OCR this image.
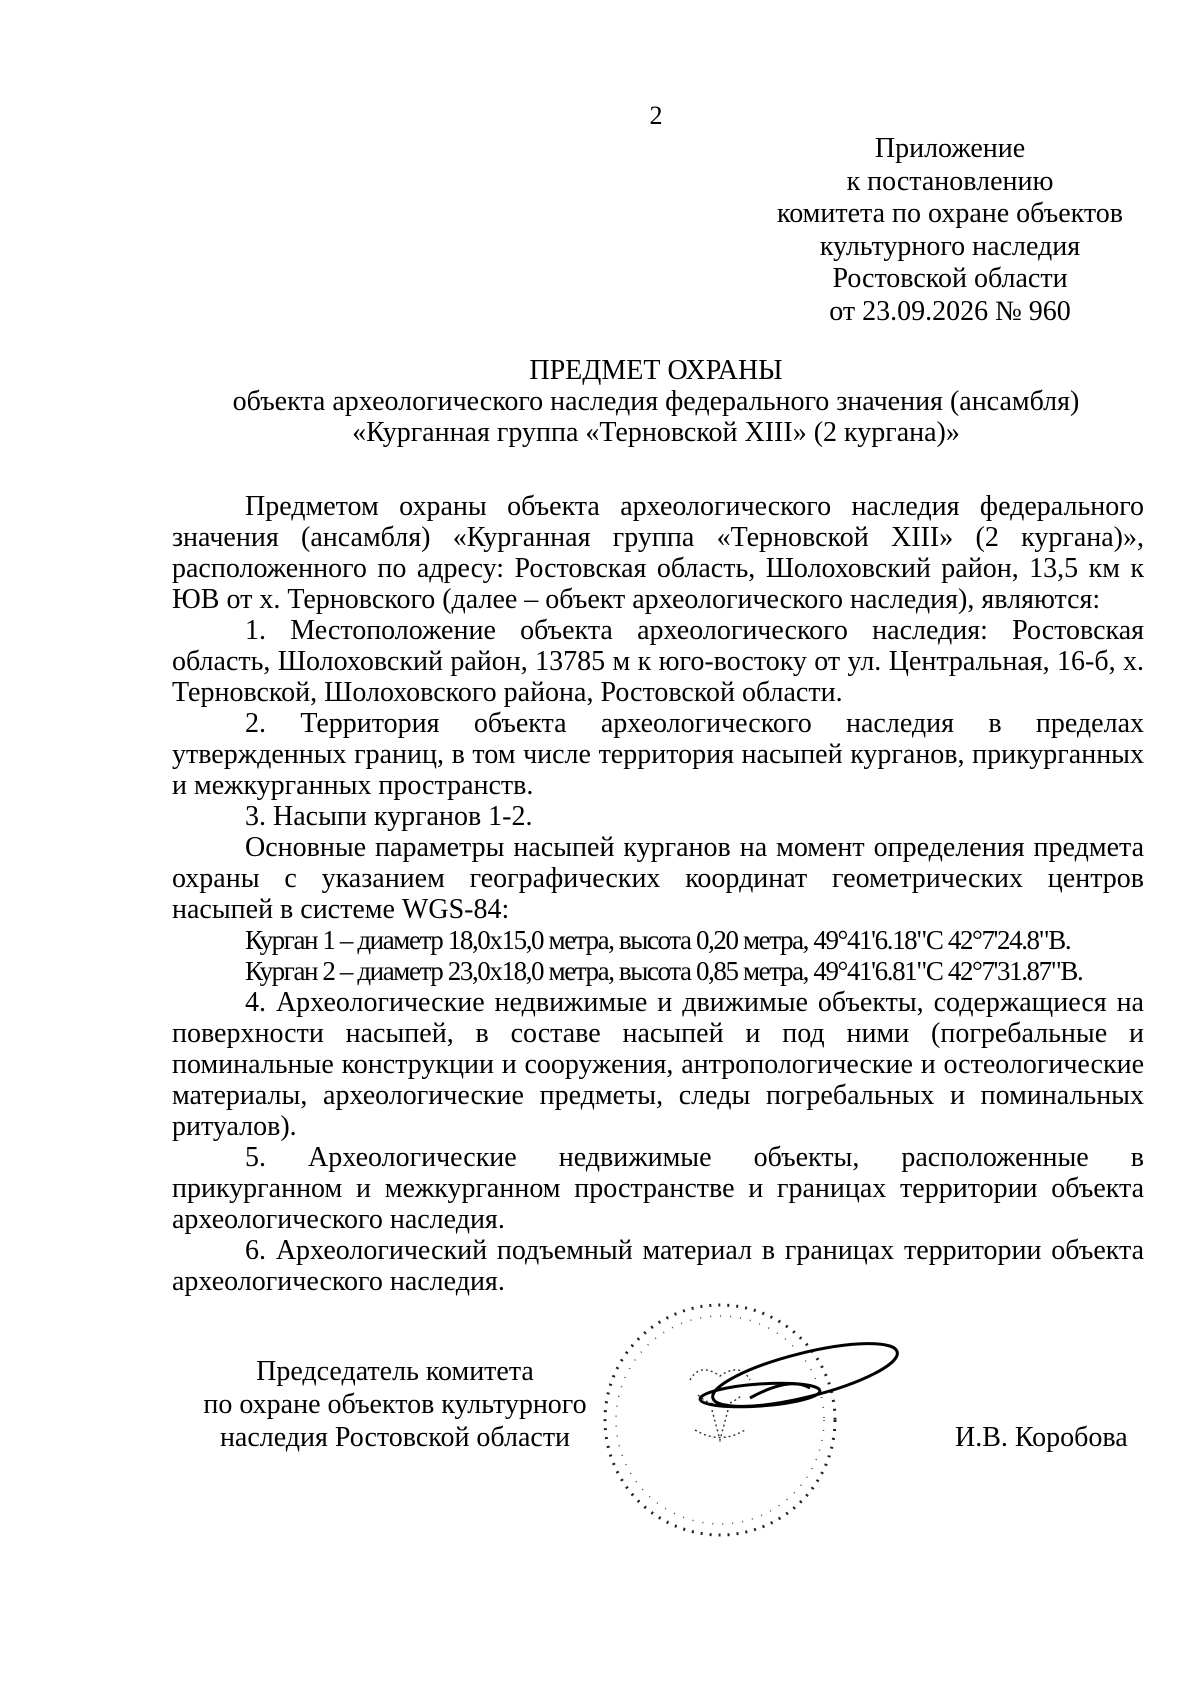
2
Приложение
к постановлению
комитета по охране объектов
культурного наследия
Ростовской области
от 23.09.2026 № 960
ПРЕДМЕТ ОХРАНЫ
объекта археологического наследия федерального значения (ансамбля)
«Курганная группа «Терновской XIII» (2 кургана)»

Предметом охраны объекта археологического наследия федерального значения (ансамбля) «Курганная группа «Терновской XIII» (2 кургана)», расположенного по адресу: Ростовская область, Шолоховский район, 13,5 км к ЮВ от х. Терновского (далее – объект археологического наследия), являются:

1. Местоположение объекта археологического наследия: Ростовская область, Шолоховский район, 13785 м к юго-востоку от ул. Центральная, 16-б, х. Терновской, Шолоховского района, Ростовской области.

2. Территория объекта археологического наследия в пределах утвержденных границ, в том числе территория насыпей курганов, прикурганных и межкурганных пространств.

3. Насыпи курганов 1-2.

Основные параметры насыпей курганов на момент определения предмета охраны с указанием географических координат геометрических центров насыпей в системе WGS-84:

Курган 1 – диаметр 18,0х15,0 метра, высота 0,20 метра, 49°41'6.18"С 42°7'24.8"В.

Курган 2 – диаметр 23,0х18,0 метра, высота 0,85 метра, 49°41'6.81"С 42°7'31.87"В.

4. Археологические недвижимые и движимые объекты, содержащиеся на поверхности насыпей, в составе насыпей и под ними (погребальные и поминальные конструкции и сооружения, антропологические и остеологические материалы, археологические предметы, следы погребальных и поминальных ритуалов).

5. Археологические недвижимые объекты, расположенные в прикурганном и межкурганном пространстве и границах территории объекта археологического наследия.

6. Археологический подъемный материал в границах территории объекта археологического наследия.

Председатель комитета
по охране объектов культурного
наследия Ростовской области	И.В. Коробова
